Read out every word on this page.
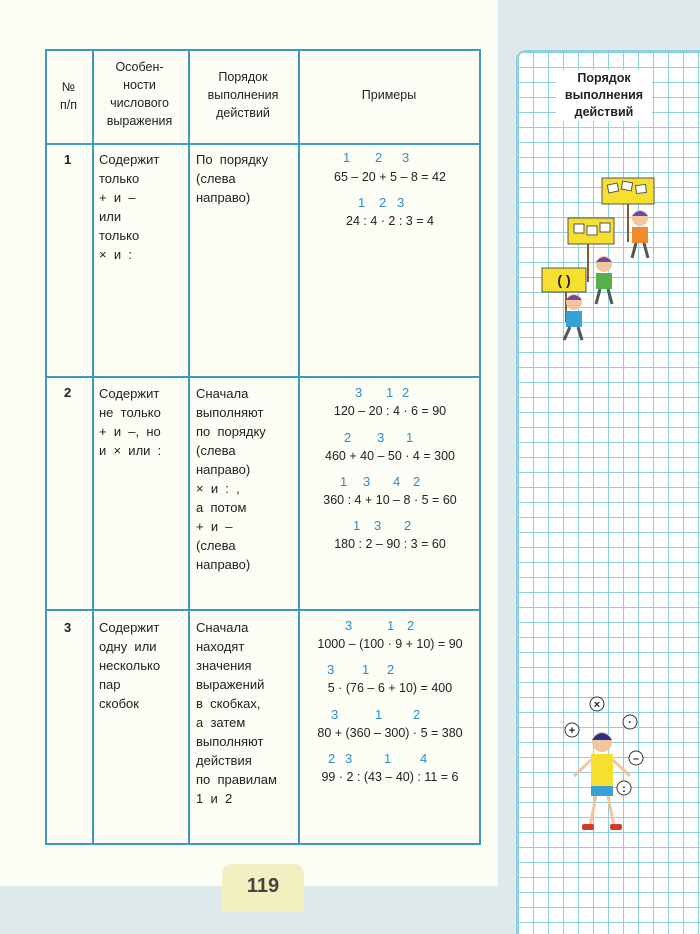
№
п/п
Особен-
ности
числового
выражения
Порядок
выполнения
действий
Примеры
1 Содержит
только
+  и  –
или
только
×  и  :
По  порядку
(слева
направо)

1

2

3

65 – 20 + 5 – 8 = 42

1

2

3

24 : 4 · 2 : 3 = 4
2 Содержит
не  только
+  и  –,  но
и  ×  или  :
Сначала
выполняют
по  порядку
(слева
направо)
×  и  :  ,
а  потом
+  и  –
(слева
направо)

3

1

2

120 – 20 : 4 · 6 = 90

2

3

1

460 + 40 – 50 · 4 = 300

1

3

4

2

360 : 4 + 10 – 8 · 5 = 60

1

3

2

180 : 2 – 90 : 3 = 60
3 Содержит
одну  или
несколько
пар
скобок
Сначала
находят
значения
выражений
в  скобках,
а  затем
выполняют
действия
по  правилам
1  и  2

3

	1

2

1000 – (100 · 9 + 10) = 90

3

1

2

5 · (76 – 6 + 10) = 400

3

	1

2

80 + (360 – 300) · 5 = 380

2

3

1

4

99 · 2 : (43 – 40) : 11 = 6
Порядок
выполнения
действий
( )
×
·
+
–
:
119
